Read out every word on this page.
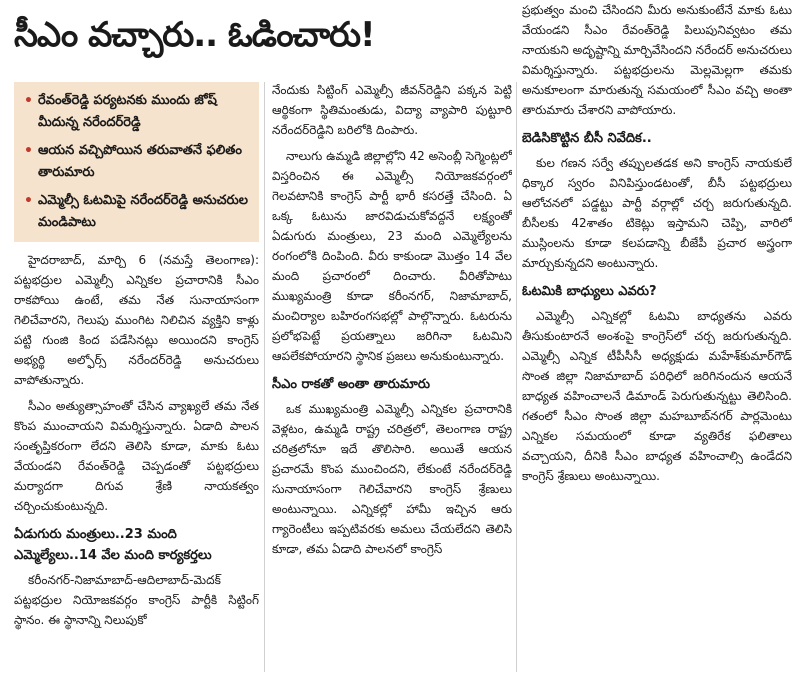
సీఎం వచ్చారు.. ఓడించారు!
• రేవంత్‌రెడ్డి పర్యటనకు ముందు జోష్‌ మీదున్న నరేందర్‌రెడ్డి
• ఆయన వచ్చిపోయిన తరువాతనే ఫలితం తారుమారు
• ఎమ్మెల్సీ ఓటమిపై నరేందర్‌రెడ్డి అనుచరుల మండిపాటు

హైదరాబాద్‌, మార్చి 6 (నమస్తే తెలంగాణ): పట్టభద్రుల ఎమ్మెల్సీ ఎన్నికల ప్రచారానికి సీఎం రాకపోయి ఉంటే, తమ నేత సునాయాసంగా గెలిచేవారని, గెలుపు ముంగిట నిలిచిన వ్యక్తిని కాళ్లు పట్టి గుంజి కింద పడేసినట్లు అయిందని కాంగ్రెస్‌ అభ్యర్థి అల్ఫోర్స్‌ నరేందర్‌రెడ్డి అనుచరులు వాపోతున్నారు.

సీఎం అత్యుత్సాహంతో చేసిన వ్యాఖ్యలే తమ నేత కొంప ముంచాయని విమర్శిస్తున్నారు. ఏడాది పాలన సంతృప్తికరంగా లేదని తెలిసి కూడా, మాకు ఓటు వేయండని రేవంత్‌రెడ్డి చెప్పడంతో పట్టభద్రులు మర్యాదగా దిగువ శ్రేణి నాయకత్వం చర్చించుకుంటున్నది.

ఏడుగురు మంత్రులు..23 మంది ఎమ్మెల్యేలు..14 వేల మంది కార్యకర్తలు

కరీంనగర్‌-నిజామాబాద్‌-ఆదిలాబాద్‌-మెదక్‌ పట్టభద్రుల నియోజకవర్గం కాంగ్రెస్‌ పార్టీకి సిట్టింగ్‌ స్థానం. ఈ స్థానాన్ని నిలుపుకో

నేందుకు సిట్టింగ్‌ ఎమ్మెల్సీ జీవన్‌రెడ్డిని పక్కన పెట్టి ఆర్థికంగా స్థితిమంతుడు, విద్యా వ్యాపారి పుట్టూరి నరేందర్‌రెడ్డిని బరిలోకి దింపారు.

నాలుగు ఉమ్మడి జిల్లాల్లోని 42 అసెంబ్లీ సెగ్మెంట్లలో విస్తరించిన ఈ ఎమ్మెల్సీ నియోజకవర్గంలో గెలవటానికి కాంగ్రెస్‌ పార్టీ భారీ కసరత్తే చేసింది. ఏ ఒక్క ఓటును జారవిడుచుకోవద్దనే లక్ష్యంతో ఏడుగురు మంత్రులు, 23 మంది ఎమ్మెల్యేలను రంగంలోకి దింపింది. వీరు కాకుండా మొత్తం 14 వేల మంది ప్రచారంలో దించారు. వీరితోపాటు ముఖ్యమంత్రి కూడా కరీంనగర్‌, నిజామాబాద్‌, మంచిర్యాల బహిరంగసభల్లో పాల్గొన్నారు. ఓటరును ప్రలోభపెట్టే ప్రయత్నాలు జరిగినా ఓటమిని ఆపలేకపోయారని స్థానిక ప్రజలు అనుకుంటున్నారు.

సీఎం రాకతో అంతా తారుమారు

ఒక ముఖ్యమంత్రి ఎమ్మెల్సీ ఎన్నికల ప్రచారానికి వెళ్లటం, ఉమ్మడి రాష్ట్ర చరిత్రలో, తెలంగాణ రాష్ట్ర చరిత్రలోనూ ఇదే తొలిసారి. అయితే ఆయన ప్రచారమే కొంప ముంచిందని, లేకుంటే నరేందర్‌రెడ్డి సునాయాసంగా గెలిచేవారని కాంగ్రెస్‌ శ్రేణులు అంటున్నాయి. ఎన్నికల్లో హామీ ఇచ్చిన ఆరు గ్యారెంటీలు ఇప్పటివరకు అమలు చేయలేదని తెలిసి కూడా, తమ ఏడాది పాలనలో కాంగ్రెస్‌

ప్రభుత్వం మంచి చేసిందని మీరు అనుకుంటేనే మాకు ఓటు వేయండని సీఎం రేవంత్‌రెడ్డి పిలుపునివ్వటం తమ నాయకుని అదృష్టాన్ని మార్చివేసిందని నరేందర్‌ అనుచరులు విమర్శిస్తున్నారు. పట్టభద్రులను మెల్లమెల్లగా తమకు అనుకూలంగా మారుతున్న సమయంలో సీఎం వచ్చి అంతా తారుమారు చేశారని వాపోయారు.

బెడిసికొట్టిన బీసీ నివేదిక..

కుల గణన సర్వే తప్పులతడక అని కాంగ్రెస్‌ నాయకులే ధిక్కార స్వరం వినిపిస్తుండటంతో, బీసీ పట్టభద్రులు ఆలోచనలో పడ్డట్టు పార్టీ వర్గాల్లో చర్చ జరుగుతున్నది. బీసీలకు 42శాతం టికెట్లు ఇస్తామని చెప్పి, వారిలో ముస్లింలను కూడా కలపడాన్ని బీజేపీ ప్రచార అస్త్రంగా మార్చుకున్నదని అంటున్నారు.

ఓటమికి బాధ్యులు ఎవరు?

ఎమ్మెల్సీ ఎన్నికల్లో ఓటమి బాధ్యతను ఎవరు తీసుకుంటారనే అంశంపై కాంగ్రెస్‌లో చర్చ జరుగుతున్నది. ఎమ్మెల్సీ ఎన్నిక టీపీసీసీ అధ్యక్షుడు మహేశ్‌కుమార్‌గౌడ్‌ సొంత జిల్లా నిజామాబాద్‌ పరిధిలో జరిగినందున ఆయనే బాధ్యత వహించాలనే డిమాండ్‌ పెరుగుతున్నట్టు తెలిసింది. గతంలో సీఎం సొంత జిల్లా మహబూబ్‌నగర్‌ పార్లమెంటు ఎన్నికల సమయంలో కూడా వ్యతిరేక ఫలితాలు వచ్చాయని, దీనికి సీఎం బాధ్యత వహించాల్సి ఉండేదని కాంగ్రెస్‌ శ్రేణులు అంటున్నాయి.
